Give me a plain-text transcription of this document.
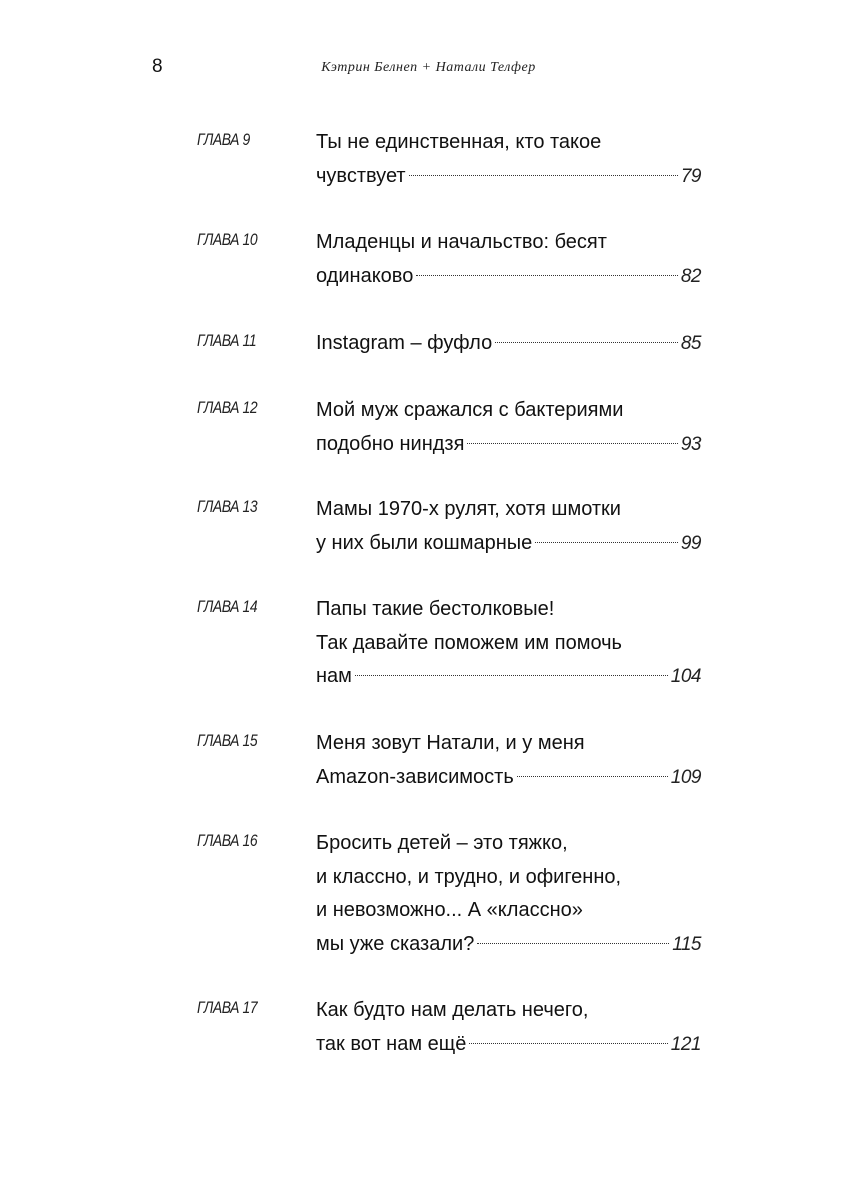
8	Кэтрин Белнеп + Натали Телфер
ГЛАВА 9	Ты не единственная, кто такое
чувствует	79
ГЛАВА 10	Младенцы и начальство: бесят
одинаково	82
ГЛАВА 11	Instagram – фуфло	85
ГЛАВА 12	Мой муж сражался с бактериями
подобно ниндзя	93
ГЛАВА 13	Мамы 1970-х рулят, хотя шмотки
у них были кошмарные	99
ГЛАВА 14	Папы такие бестолковые!
Так давайте поможем им помочь
нам	104
ГЛАВА 15	Меня зовут Натали, и у меня
Amazon-зависимость	109
ГЛАВА 16	Бросить детей – это тяжко,
и классно, и трудно, и офигенно,
и невозможно... А «классно»
мы уже сказали?	115
ГЛАВА 17	Как будто нам делать нечего,
так вот нам ещё	121
